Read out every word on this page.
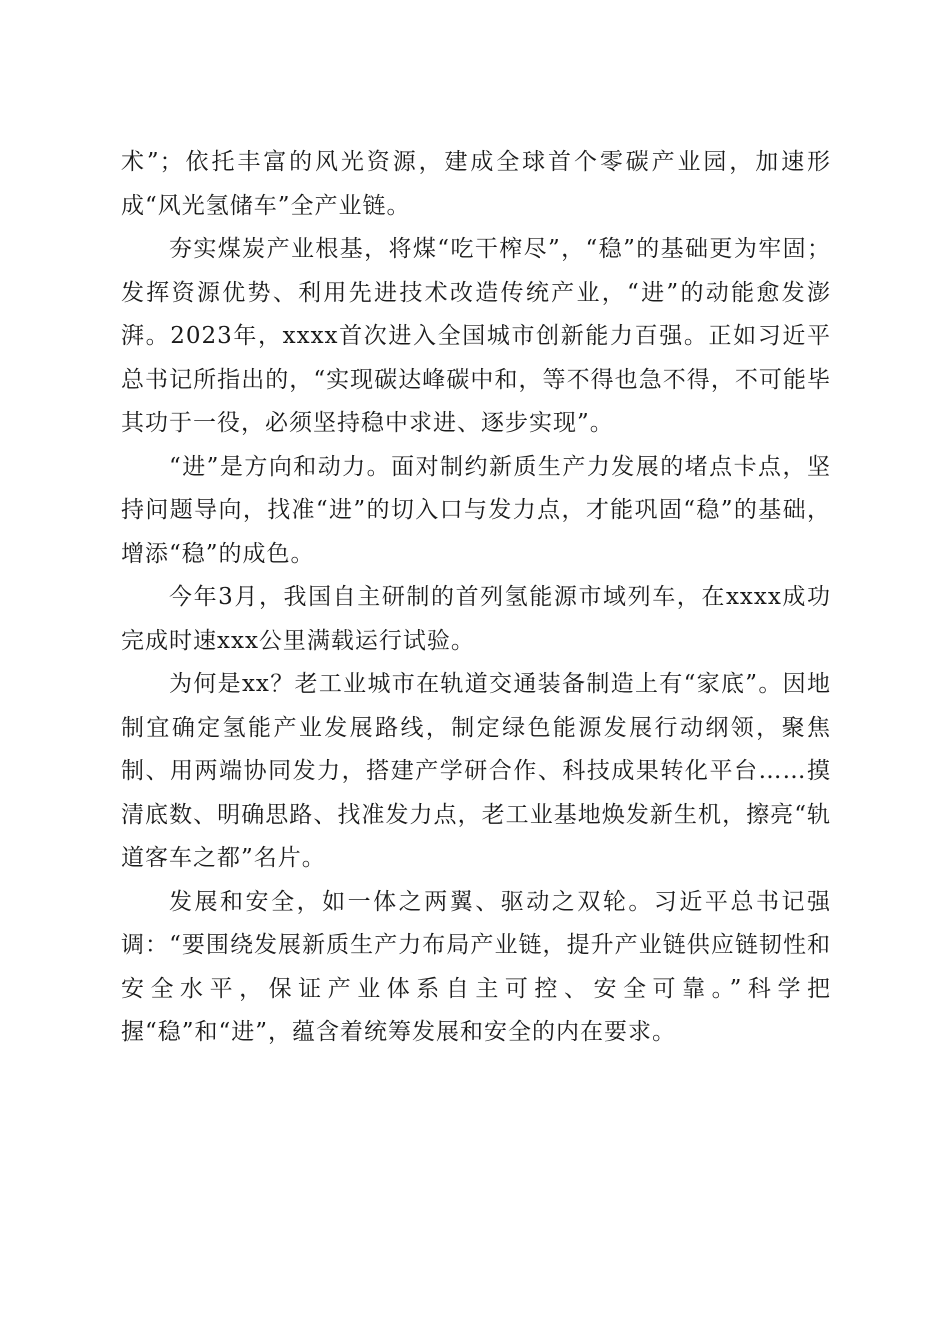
术”；依托丰富的风光资源，建成全球首个零碳产业园，加速形成“风光氢储车”全产业链。

夯实煤炭产业根基，将煤“吃干榨尽”，“稳”的基础更为牢固；发挥资源优势、利用先进技术改造传统产业，“进”的动能愈发澎湃。2023年，xxxx首次进入全国城市创新能力百强。正如习近平总书记所指出的，“实现碳达峰碳中和，等不得也急不得，不可能毕其功于一役，必须坚持稳中求进、逐步实现”。

“进”是方向和动力。面对制约新质生产力发展的堵点卡点，坚持问题导向，找准“进”的切入口与发力点，才能巩固“稳”的基础，增添“稳”的成色。

今年3月，我国自主研制的首列氢能源市域列车，在xxxx成功完成时速xxx公里满载运行试验。

为何是xx？老工业城市在轨道交通装备制造上有“家底”。因地制宜确定氢能产业发展路线，制定绿色能源发展行动纲领，聚焦制、用两端协同发力，搭建产学研合作、科技成果转化平台……摸清底数、明确思路、找准发力点，老工业基地焕发新生机，擦亮“轨道客车之都”名片。

发展和安全，如一体之两翼、驱动之双轮。习近平总书记强调：“要围绕发展新质生产力布局产业链，提升产业链供应链韧性和安全水平，保证产业体系自主可控、安全可靠。”科学把握“稳”和“进”，蕴含着统筹发展和安全的内在要求。
